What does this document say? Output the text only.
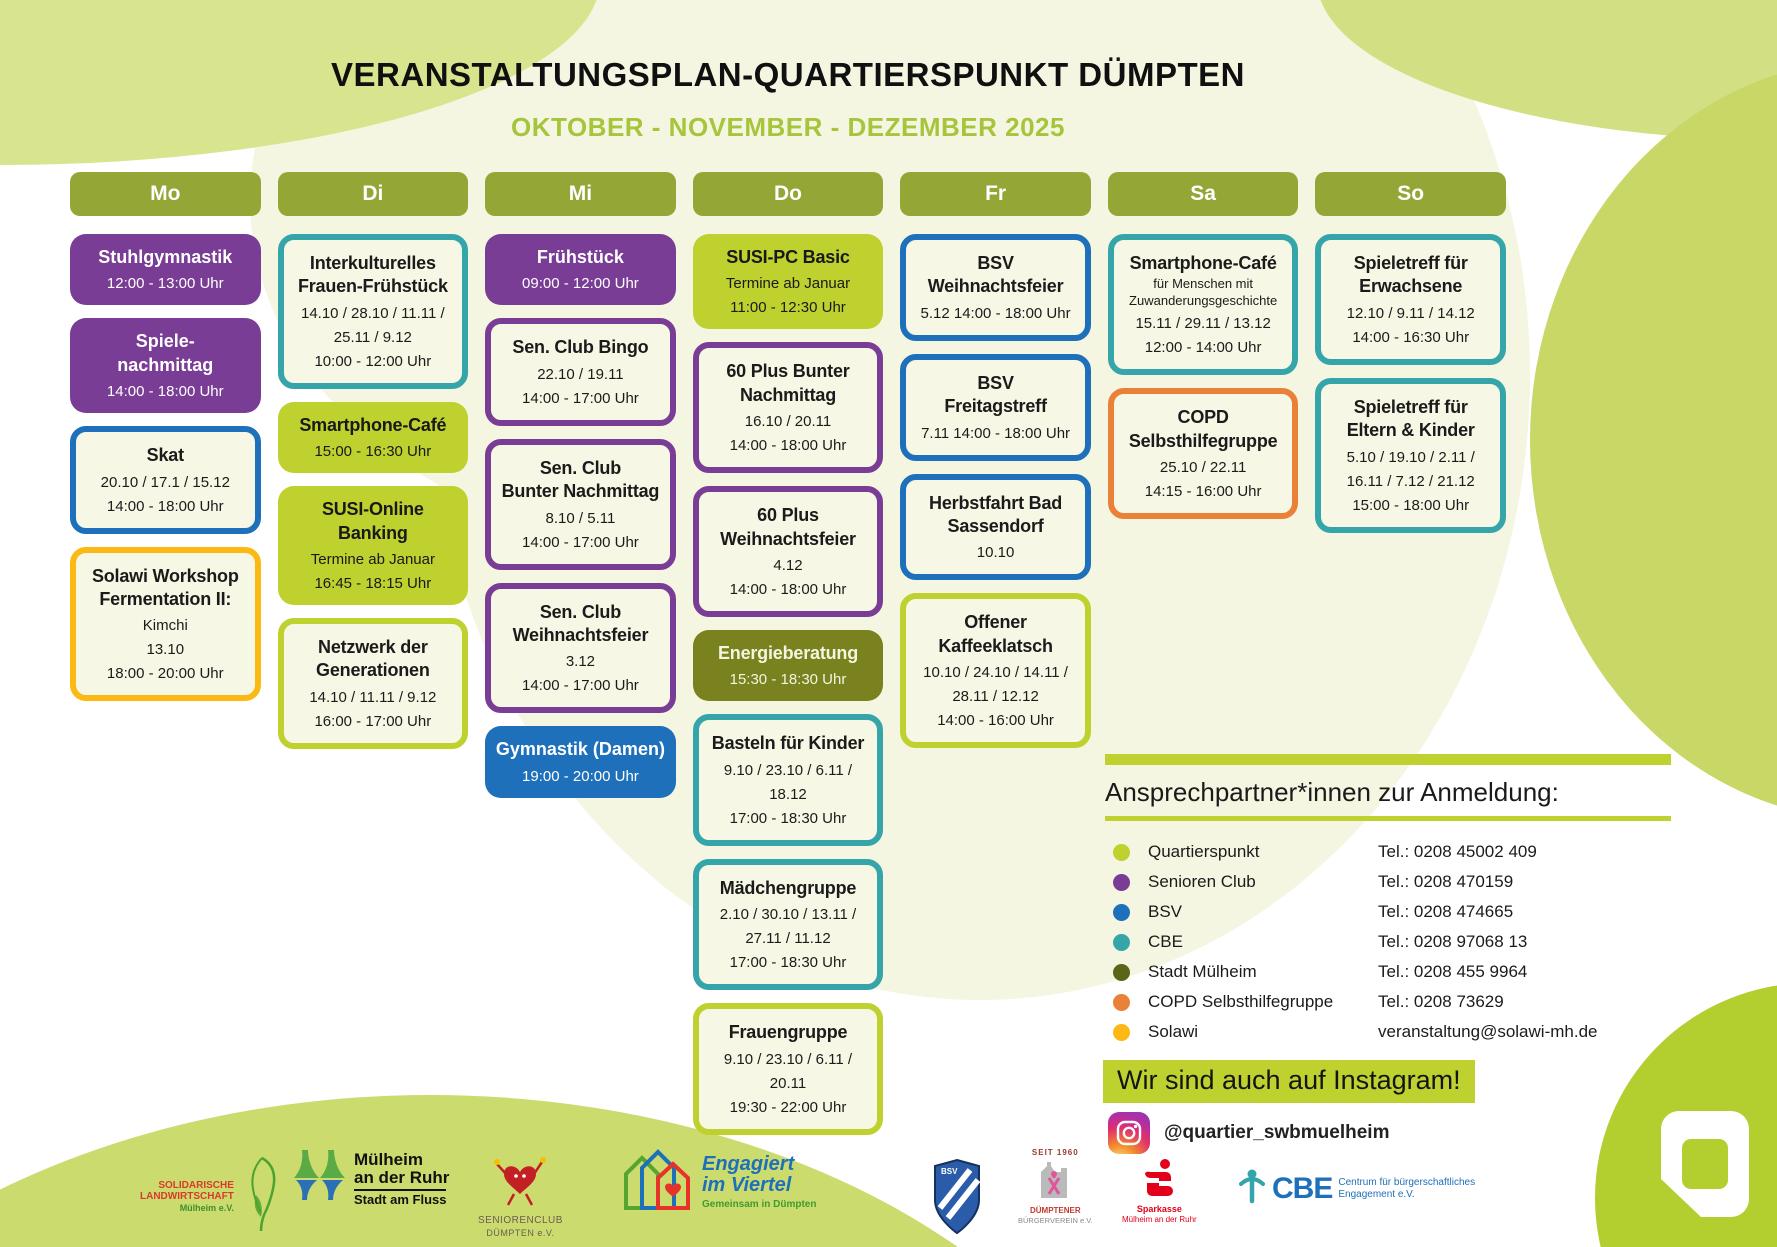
VERANSTALTUNGSPLAN-QUARTIERSPUNKT DÜMPTEN
OKTOBER - NOVEMBER - DEZEMBER 2025
Mo
Stuhlgymnastik
12:00 - 13:00 Uhr
Spiele-
nachmittag
14:00 - 18:00 Uhr
Skat
20.10 / 17.1 / 15.12
14:00 - 18:00 Uhr
Solawi Workshop
Fermentation II:
Kimchi
13.10
18:00 - 20:00 Uhr
Di
Interkulturelles
Frauen-Frühstück
14.10 / 28.10 / 11.11 /
25.11 / 9.12
10:00 - 12:00 Uhr
Smartphone-Café
15:00 - 16:30 Uhr
SUSI-Online
Banking
Termine ab Januar
16:45 - 18:15 Uhr
Netzwerk der
Generationen
14.10 / 11.11 / 9.12
16:00 - 17:00 Uhr
Mi
Frühstück
09:00 - 12:00 Uhr
Sen. Club Bingo
22.10 / 19.11
14:00 - 17:00 Uhr
Sen. Club
Bunter Nachmittag
8.10 / 5.11
14:00 - 17:00 Uhr
Sen. Club
Weihnachtsfeier
3.12
14:00 - 17:00 Uhr
Gymnastik (Damen)
19:00 - 20:00 Uhr
Do
SUSI-PC Basic
Termine ab Januar
11:00 - 12:30 Uhr
60 Plus Bunter
Nachmittag
16.10 / 20.11
14:00 - 18:00 Uhr
60 Plus
Weihnachtsfeier
4.12
14:00 - 18:00 Uhr
Energieberatung
15:30 - 18:30 Uhr
Basteln für Kinder
9.10 / 23.10 / 6.11 /
18.12
17:00 - 18:30 Uhr
Mädchengruppe
2.10 / 30.10 / 13.11 /
27.11 / 11.12
17:00 - 18:30 Uhr
Frauengruppe
9.10 / 23.10 / 6.11 /
20.11
19:30 - 22:00 Uhr
Fr
BSV
Weihnachtsfeier
5.12 14:00 - 18:00 Uhr
BSV
Freitagstreff
7.11 14:00 - 18:00 Uhr
Herbstfahrt Bad
Sassendorf
10.10
Offener
Kaffeeklatsch
10.10 / 24.10 / 14.11 /
28.11 / 12.12
14:00 - 16:00 Uhr
Sa
Smartphone-Café
für Menschen mit
Zuwanderungsgeschichte
15.11 / 29.11 / 13.12
12:00 - 14:00 Uhr
COPD
Selbsthilfegruppe
25.10 / 22.11
14:15 - 16:00 Uhr
So
Spieletreff für
Erwachsene
12.10 / 9.11 / 14.12
14:00 - 16:30 Uhr
Spieletreff für
Eltern & Kinder
5.10 / 19.10 / 2.11 /
16.11 / 7.12 / 21.12
15:00 - 18:00 Uhr
Ansprechpartner*innen zur Anmeldung:
Quartierspunkt	Tel.: 0208 45002 409
Senioren Club	Tel.: 0208 470159
BSV	Tel.: 0208 474665
CBE	Tel.: 0208 97068 13
Stadt Mülheim	Tel.: 0208 455 9964
COPD Selbsthilfegruppe	Tel.: 0208 73629
Solawi	veranstaltung@solawi-mh.de
Wir sind auch auf Instagram!
@quartier_swbmuelheim
SOLIDARISCHE
LANDWIRTSCHAFT
Mülheim e.V.
Mülheim
an der Ruhr
Stadt am Fluss
SENIORENCLUB
DÜMPTEN e.V.
Engagiert
im Viertel
Gemeinsam in Dümpten
BSV
SEIT 1960
DÜMPTENER
BÜRGERVEREIN e.V.
Sparkasse
Mülheim an der Ruhr
CBE Centrum für bürgerschaftliches
Engagement e.V.
